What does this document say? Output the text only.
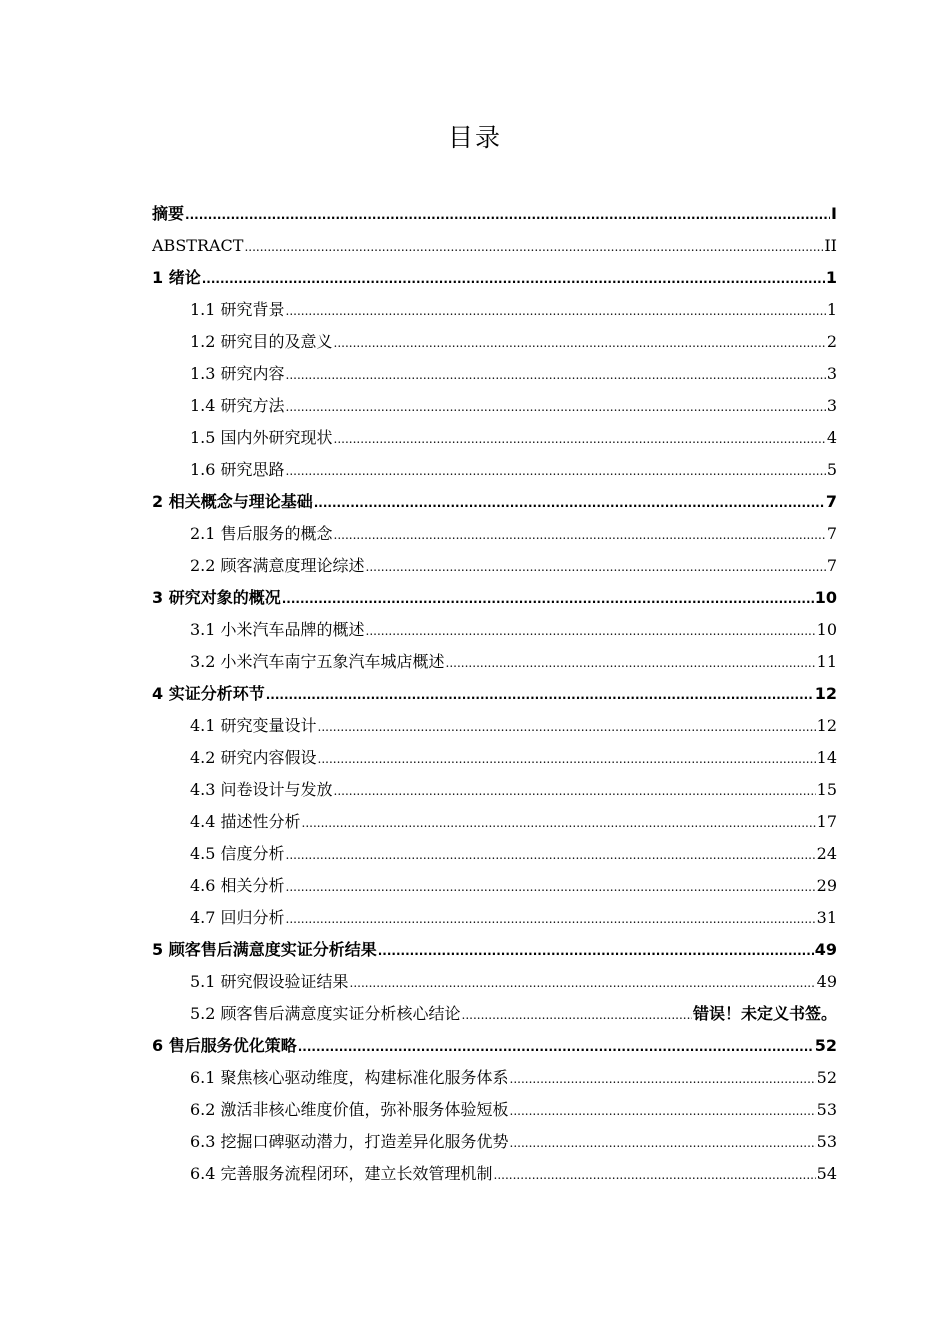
目录
摘要 .....	I
ABSTRACT .....	II
1 绪论 .....	1
1.1 研究背景 .....	1
1.2 研究目的及意义 .....	2
1.3 研究内容 .....	3
1.4 研究方法 .....	3
1.5 国内外研究现状 .....	4
1.6 研究思路 .....	5
2 相关概念与理论基础 .....	7
2.1 售后服务的概念 .....	7
2.2 顾客满意度理论综述 .....	7
3 研究对象的概况 .....	10
3.1 小米汽车品牌的概述 .....	10
3.2 小米汽车南宁五象汽车城店概述 .....	11
4 实证分析环节 .....	12
4.1 研究变量设计 .....	12
4.2 研究内容假设 .....	14
4.3 问卷设计与发放 .....	15
4.4 描述性分析 .....	17
4.5 信度分析 .....	24
4.6 相关分析 .....	29
4.7 回归分析 .....	31
5 顾客售后满意度实证分析结果 .....	49
5.1 研究假设验证结果 .....	49
5.2 顾客售后满意度实证分析核心结论 .....	错误！未定义书签。
6 售后服务优化策略 .....	52
6.1 聚焦核心驱动维度，构建标准化服务体系 .....	52
6.2 激活非核心维度价值，弥补服务体验短板 .....	53
6.3 挖掘口碑驱动潜力，打造差异化服务优势 .....	53
6.4 完善服务流程闭环，建立长效管理机制 .....	54
